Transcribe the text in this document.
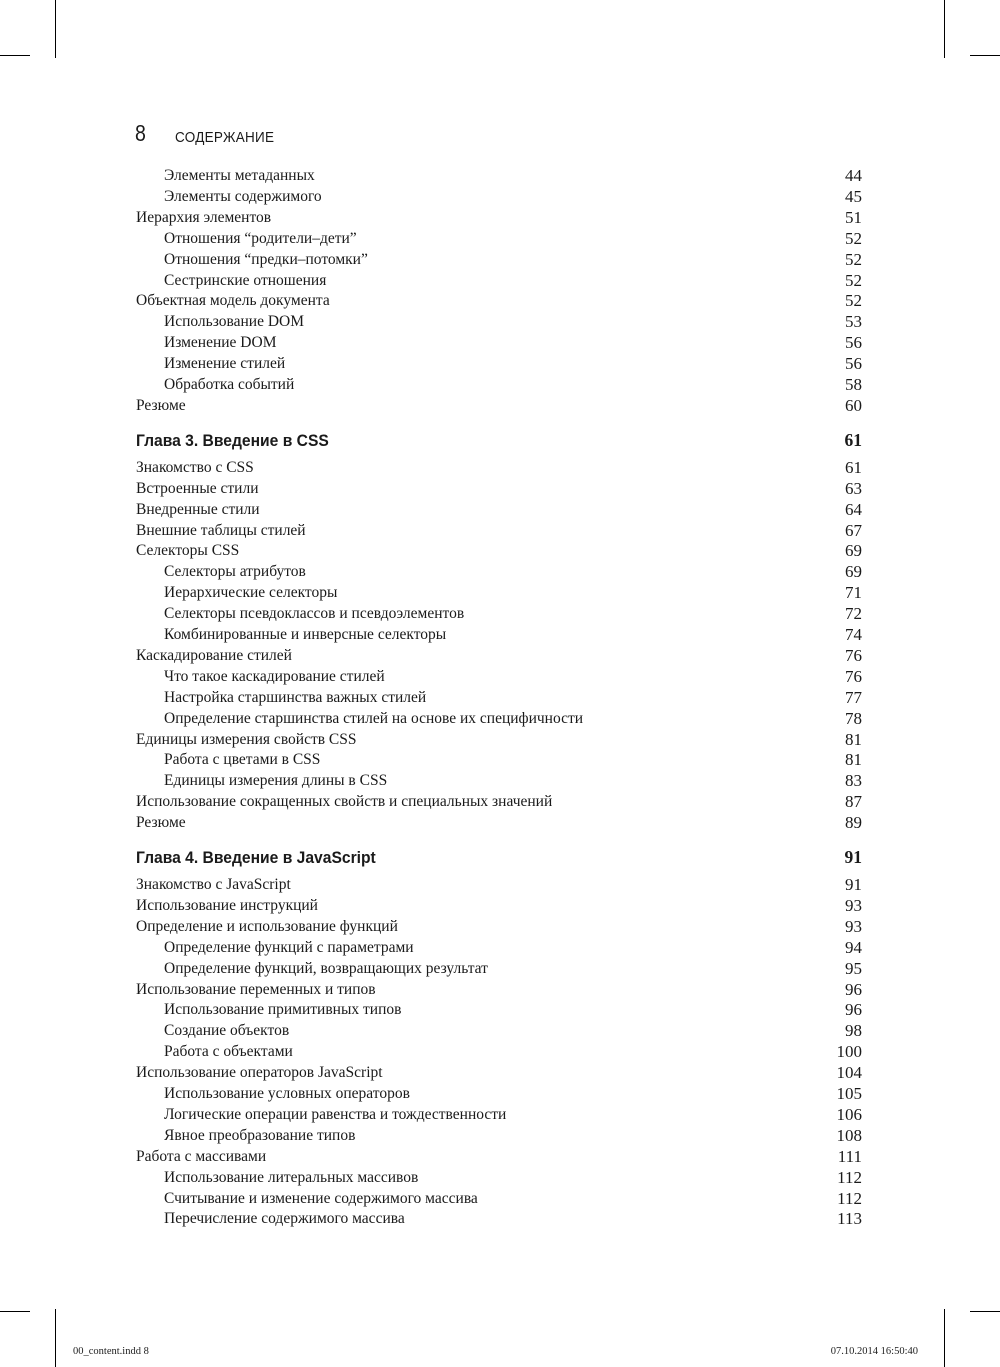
8 СОДЕРЖАНИЕ
Элементы метаданных	44
Элементы содержимого	45
Иерархия элементов	51
Отношения “родители–дети”	52
Отношения “предки–потомки”	52
Сестринские отношения	52
Объектная модель документа	52
Использование DOM	53
Изменение DOM	56
Изменение стилей	56
Обработка событий	58
Резюме	60
Глава 3. Введение в CSS	61
Знакомство с CSS	61
Встроенные стили	63
Внедренные стили	64
Внешние таблицы стилей	67
Селекторы CSS	69
Селекторы атрибутов	69
Иерархические селекторы	71
Селекторы псевдоклассов и псевдоэлементов	72
Комбинированные и инверсные селекторы	74
Каскадирование стилей	76
Что такое каскадирование стилей	76
Настройка старшинства важных стилей	77
Определение старшинства стилей на основе их специфичности	78
Единицы измерения свойств CSS	81
Работа с цветами в CSS	81
Единицы измерения длины в CSS	83
Использование сокращенных свойств и специальных значений	87
Резюме	89
Глава 4. Введение в JavaScript	91
Знакомство с JavaScript	91
Использование инструкций	93
Определение и использование функций	93
Определение функций с параметрами	94
Определение функций, возвращающих результат	95
Использование переменных и типов	96
Использование примитивных типов	96
Создание объектов	98
Работа с объектами	100
Использование операторов JavaScript	104
Использование условных операторов	105
Логические операции равенства и тождественности	106
Явное преобразование типов	108
Работа с массивами	111
Использование литеральных массивов	112
Считывание и изменение содержимого массива	112
Перечисление содержимого массива	113
00_content.indd 8	07.10.2014 16:50:40
